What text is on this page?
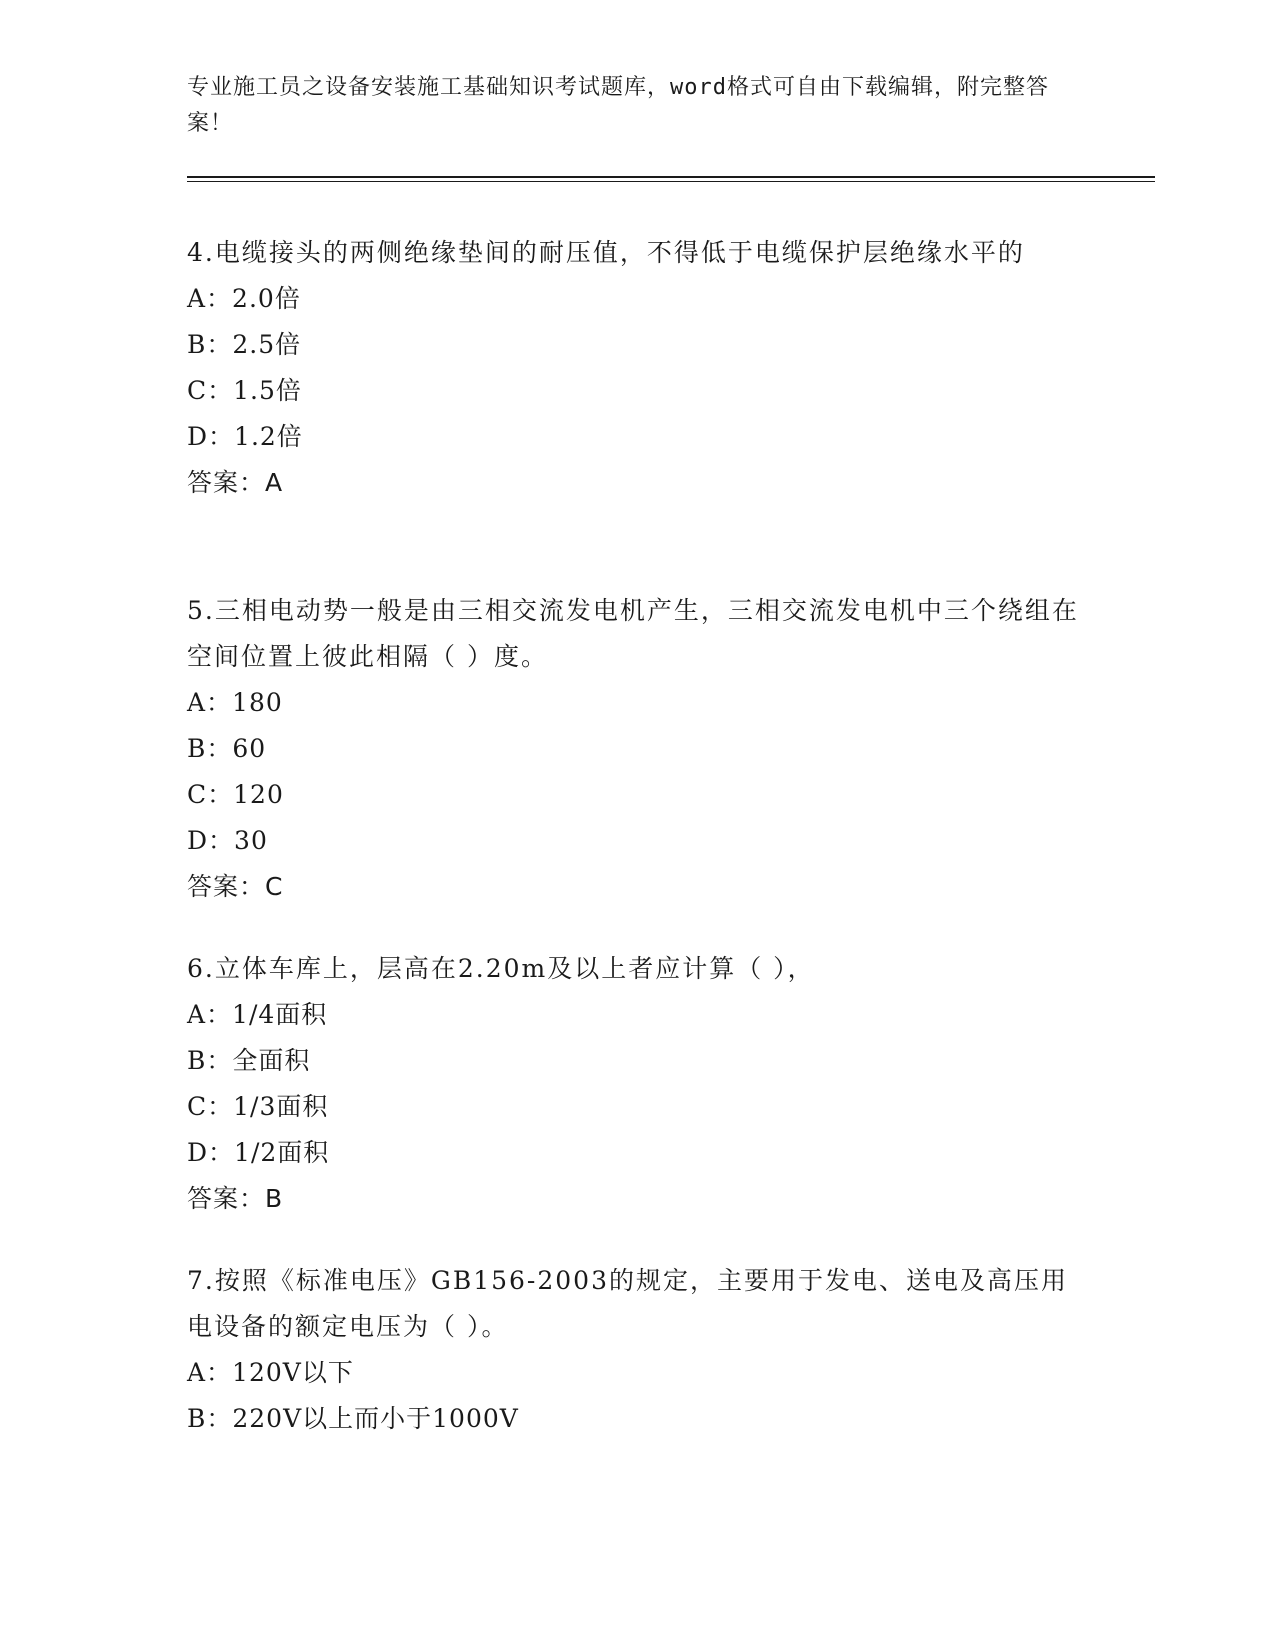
专业施工员之设备安装施工基础知识考试题库，word格式可自由下载编辑，附完整答案！

4.电缆接头的两侧绝缘垫间的耐压值，不得低于电缆保护层绝缘水平的

A：2.0倍

B：2.5倍

C：1.5倍

D：1.2倍

答案：A

5.三相电动势一般是由三相交流发电机产生，三相交流发电机中三个绕组在空间位置上彼此相隔（ ）度。

A：180

B：60

C：120

D：30

答案：C

6.立体车库上，层高在2.20m及以上者应计算（ ），

A：1/4面积

B：全面积

C：1/3面积

D：1/2面积

答案：B

7.按照《标准电压》GB156-2003的规定，主要用于发电、送电及高压用电设备的额定电压为（ ）。

A：120V以下

B：220V以上而小于1000V
